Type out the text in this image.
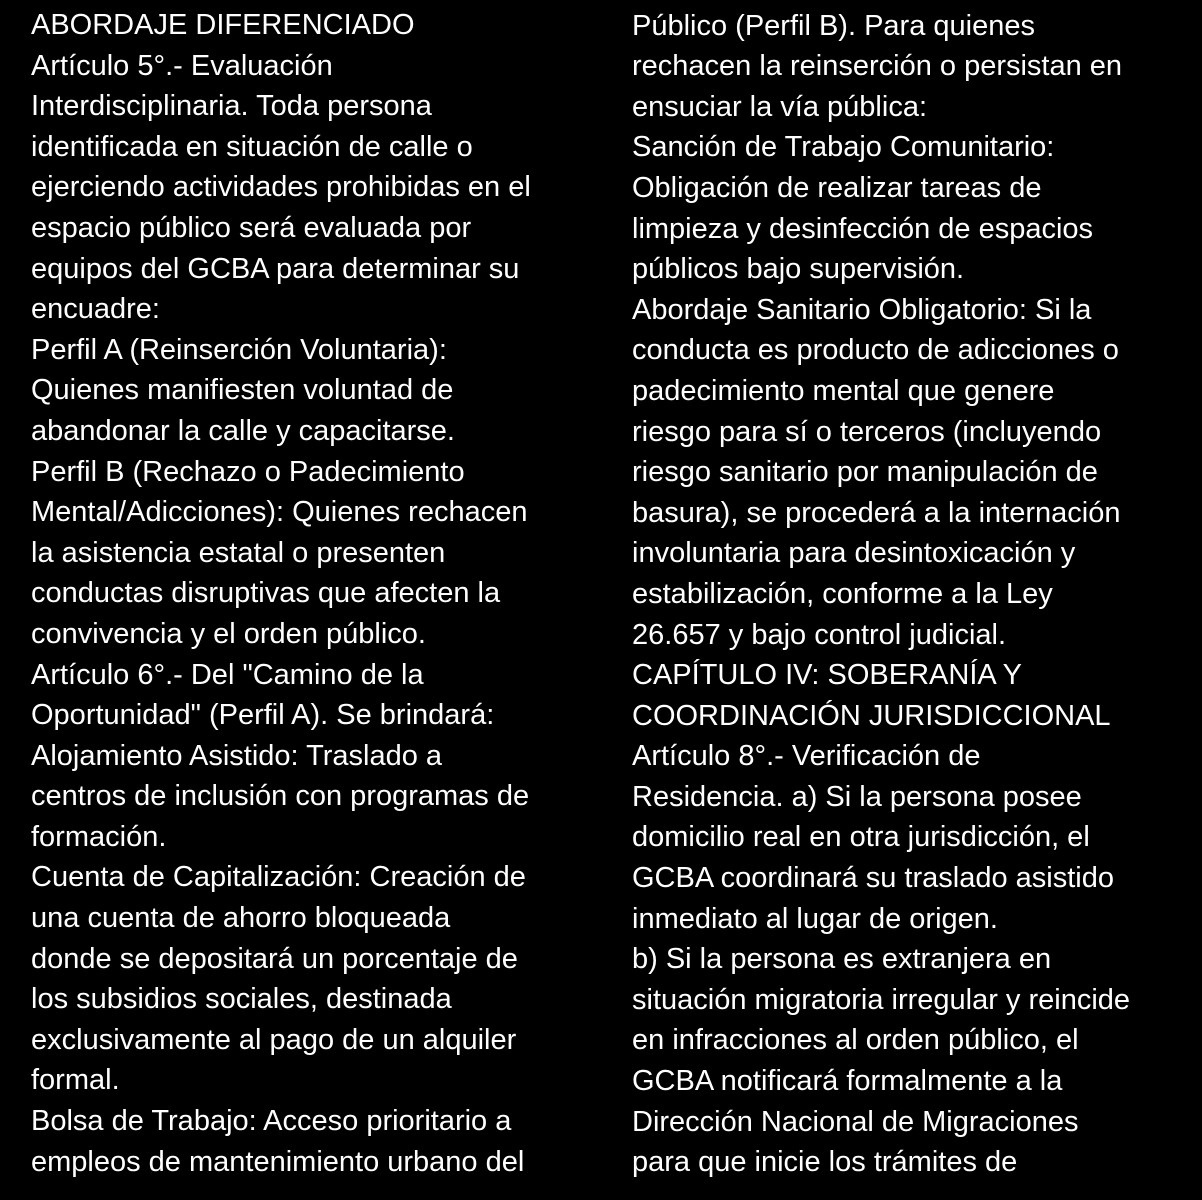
ABORDAJE DIFERENCIADO
Artículo 5°.- Evaluación
Interdisciplinaria. Toda persona
identificada en situación de calle o
ejerciendo actividades prohibidas en el
espacio público será evaluada por
equipos del GCBA para determinar su
encuadre:
Perfil A (Reinserción Voluntaria):
Quienes manifiesten voluntad de
abandonar la calle y capacitarse.
Perfil B (Rechazo o Padecimiento
Mental/Adicciones): Quienes rechacen
la asistencia estatal o presenten
conductas disruptivas que afecten la
convivencia y el orden público.
Artículo 6°.- Del "Camino de la
Oportunidad" (Perfil A). Se brindará:
Alojamiento Asistido: Traslado a
centros de inclusión con programas de
formación.
Cuenta de Capitalización: Creación de
una cuenta de ahorro bloqueada
donde se depositará un porcentaje de
los subsidios sociales, destinada
exclusivamente al pago de un alquiler
formal.
Bolsa de Trabajo: Acceso prioritario a
empleos de mantenimiento urbano del
Público (Perfil B). Para quienes
rechacen la reinserción o persistan en
ensuciar la vía pública:
Sanción de Trabajo Comunitario:
Obligación de realizar tareas de
limpieza y desinfección de espacios
públicos bajo supervisión.
Abordaje Sanitario Obligatorio: Si la
conducta es producto de adicciones o
padecimiento mental que genere
riesgo para sí o terceros (incluyendo
riesgo sanitario por manipulación de
basura), se procederá a la internación
involuntaria para desintoxicación y
estabilización, conforme a la Ley
26.657 y bajo control judicial.
CAPÍTULO IV: SOBERANÍA Y
COORDINACIÓN JURISDICCIONAL
Artículo 8°.- Verificación de
Residencia. a) Si la persona posee
domicilio real en otra jurisdicción, el
GCBA coordinará su traslado asistido
inmediato al lugar de origen.
b) Si la persona es extranjera en
situación migratoria irregular y reincide
en infracciones al orden público, el
GCBA notificará formalmente a la
Dirección Nacional de Migraciones
para que inicie los trámites de
